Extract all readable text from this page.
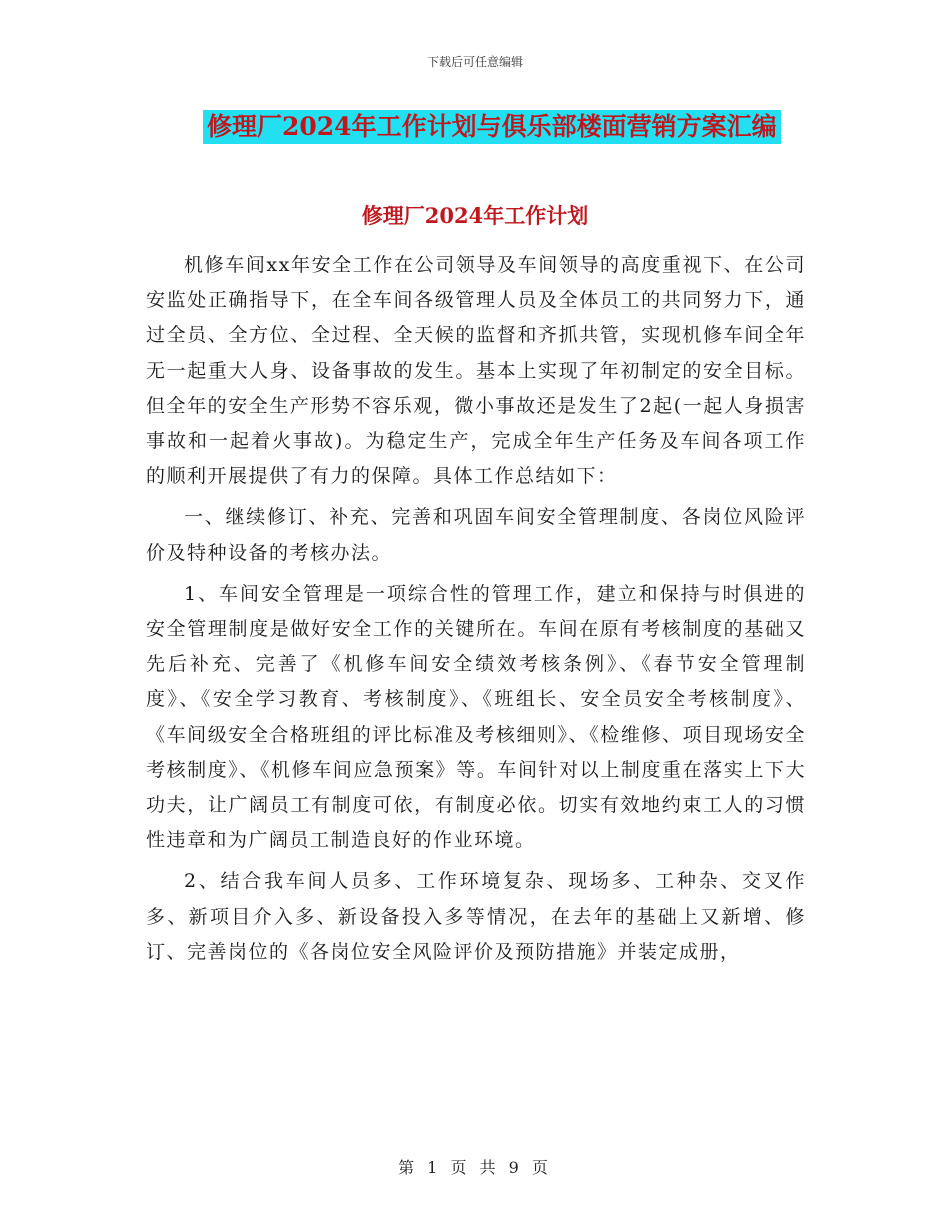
下载后可任意编辑
修理厂2024年工作计划与俱乐部楼面营销方案汇编
修理厂2024年工作计划

机修车间xx年安全工作在公司领导及车间领导的高度重视下、在公司安监处正确指导下，在全车间各级管理人员及全体员工的共同努力下，通过全员、全方位、全过程、全天候的监督和齐抓共管，实现机修车间全年无一起重大人身、设备事故的发生。基本上实现了年初制定的安全目标。但全年的安全生产形势不容乐观，微小事故还是发生了2起(一起人身损害事故和一起着火事故)。为稳定生产，完成全年生产任务及车间各项工作的顺利开展提供了有力的保障。具体工作总结如下：

一、继续修订、补充、完善和巩固车间安全管理制度、各岗位风险评价及特种设备的考核办法。

1、车间安全管理是一项综合性的管理工作，建立和保持与时俱进的安全管理制度是做好安全工作的关键所在。车间在原有考核制度的基础又先后补充、完善了《机修车间安全绩效考核条例》、《春节安全管理制度》、《安全学习教育、考核制度》、《班组长、安全员安全考核制度》、《车间级安全合格班组的评比标准及考核细则》、《检维修、项目现场安全考核制度》、《机修车间应急预案》等。车间针对以上制度重在落实上下大功夫，让广阔员工有制度可依，有制度必依。切实有效地约束工人的习惯性违章和为广阔员工制造良好的作业环境。

2、结合我车间人员多、工作环境复杂、现场多、工种杂、交叉作多、新项目介入多、新设备投入多等情况，在去年的基础上又新增、修订、完善岗位的《各岗位安全风险评价及预防措施》并装定成册，

第 1 页 共 9 页
